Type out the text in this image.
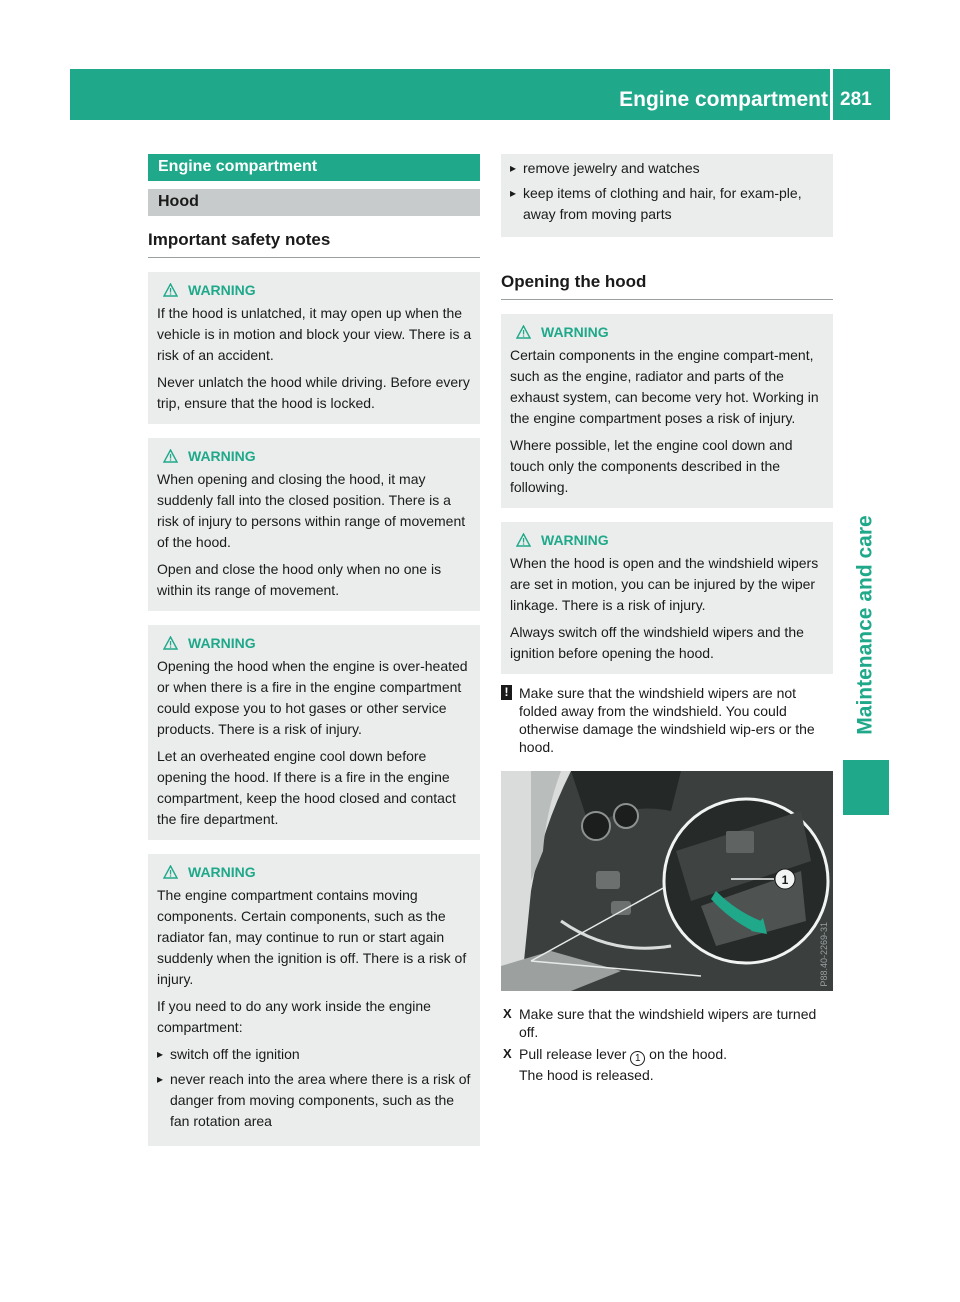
Engine compartment 281
Maintenance and care
Engine compartment
Hood
Important safety notes
WARNING

If the hood is unlatched, it may open up when the vehicle is in motion and block your view. There is a risk of an accident.

Never unlatch the hood while driving. Before every trip, ensure that the hood is locked.

WARNING

When opening and closing the hood, it may suddenly fall into the closed position. There is a risk of injury to persons within range of movement of the hood.

Open and close the hood only when no one is within its range of movement.

WARNING

Opening the hood when the engine is over-heated or when there is a fire in the engine compartment could expose you to hot gases or other service products. There is a risk of injury.

Let an overheated engine cool down before opening the hood. If there is a fire in the engine compartment, keep the hood closed and contact the fire department.

WARNING

The engine compartment contains moving components. Certain components, such as the radiator fan, may continue to run or start again suddenly when the ignition is off. There is a risk of injury.

If you need to do any work inside the engine compartment:

▸ switch off the ignition
▸ never reach into the area where there is a risk of danger from moving components, such as the fan rotation area
▸ remove jewelry and watches
▸ keep items of clothing and hair, for exam-ple, away from moving parts
Opening the hood
WARNING

Certain components in the engine compart-ment, such as the engine, radiator and parts of the exhaust system, can become very hot. Working in the engine compartment poses a risk of injury.

Where possible, let the engine cool down and touch only the components described in the following.

WARNING

When the hood is open and the windshield wipers are set in motion, you can be injured by the wiper linkage. There is a risk of injury.

Always switch off the windshield wipers and the ignition before opening the hood.

! Make sure that the windshield wipers are not folded away from the windshield. You could otherwise damage the windshield wip-ers or the hood.
1
P88.40-2269-31
X Make sure that the windshield wipers are turned off.
X Pull release lever 1 on the hood.
The hood is released.
